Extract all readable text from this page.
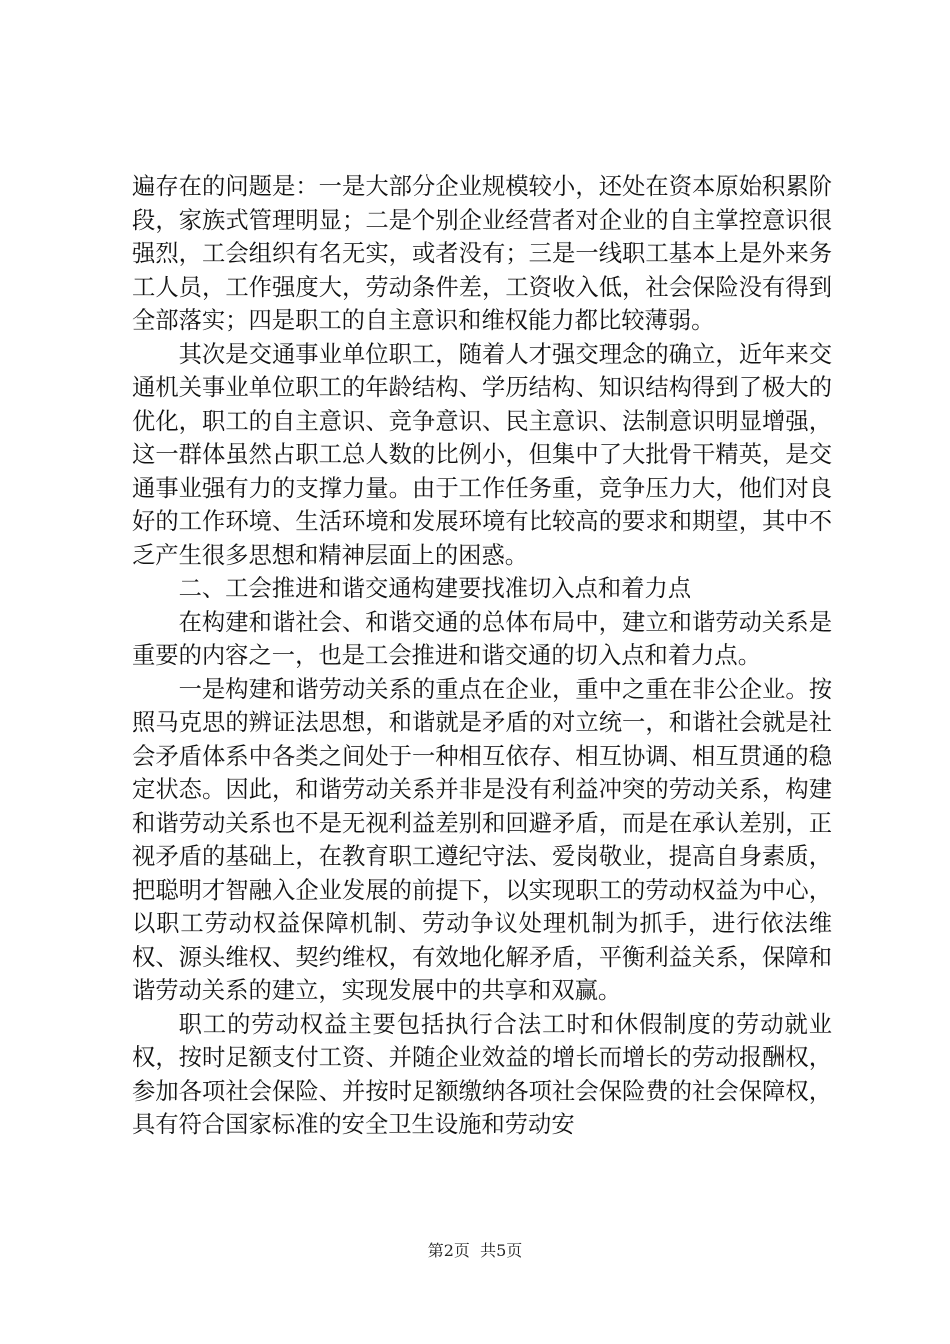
遍存在的问题是：一是大部分企业规模较小，还处在资本原始积累阶段，家族式管理明显；二是个别企业经营者对企业的自主掌控意识很强烈，工会组织有名无实，或者没有；三是一线职工基本上是外来务工人员，工作强度大，劳动条件差，工资收入低，社会保险没有得到全部落实；四是职工的自主意识和维权能力都比较薄弱。

其次是交通事业单位职工，随着人才强交理念的确立，近年来交通机关事业单位职工的年龄结构、学历结构、知识结构得到了极大的优化，职工的自主意识、竞争意识、民主意识、法制意识明显增强，这一群体虽然占职工总人数的比例小，但集中了大批骨干精英，是交通事业强有力的支撑力量。由于工作任务重，竞争压力大，他们对良好的工作环境、生活环境和发展环境有比较高的要求和期望，其中不乏产生很多思想和精神层面上的困惑。

二、工会推进和谐交通构建要找准切入点和着力点

在构建和谐社会、和谐交通的总体布局中，建立和谐劳动关系是重要的内容之一，也是工会推进和谐交通的切入点和着力点。

一是构建和谐劳动关系的重点在企业，重中之重在非公企业。按照马克思的辨证法思想，和谐就是矛盾的对立统一，和谐社会就是社会矛盾体系中各类之间处于一种相互依存、相互协调、相互贯通的稳定状态。因此，和谐劳动关系并非是没有利益冲突的劳动关系，构建和谐劳动关系也不是无视利益差别和回避矛盾，而是在承认差别，正视矛盾的基础上，在教育职工遵纪守法、爱岗敬业，提高自身素质，把聪明才智融入企业发展的前提下，以实现职工的劳动权益为中心，以职工劳动权益保障机制、劳动争议处理机制为抓手，进行依法维权、源头维权、契约维权，有效地化解矛盾，平衡利益关系，保障和谐劳动关系的建立，实现发展中的共享和双赢。

职工的劳动权益主要包括执行合法工时和休假制度的劳动就业权，按时足额支付工资、并随企业效益的增长而增长的劳动报酬权，参加各项社会保险、并按时足额缴纳各项社会保险费的社会保障权，具有符合国家标准的安全卫生设施和劳动安

第2页  共5页
